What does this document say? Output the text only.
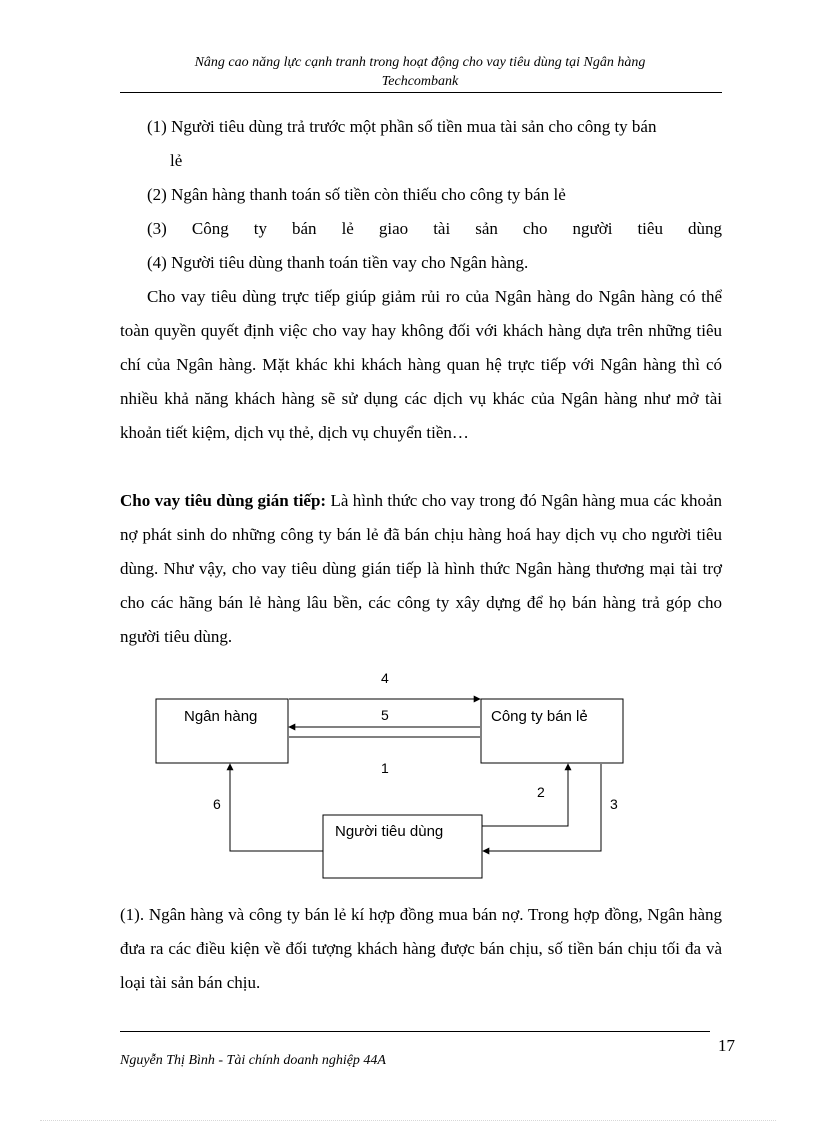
Nâng cao năng lực cạnh tranh trong hoạt động cho vay tiêu dùng tại Ngân hàng
Techcombank

(1) Người tiêu dùng trả trước một phần số tiền mua tài sản cho công ty bán

lẻ

(2) Ngân hàng thanh toán số tiền còn thiếu cho công ty bán lẻ

(3) Công ty bán lẻ giao tài sản cho người tiêu dùng

(4) Người tiêu dùng thanh toán tiền vay cho Ngân hàng.

Cho vay tiêu dùng trực tiếp giúp giảm rủi ro của Ngân hàng do Ngân hàng có thể toàn quyền quyết định việc cho vay hay không đối với khách hàng dựa trên những tiêu chí của Ngân hàng. Mặt khác khi khách hàng quan hệ trực tiếp với Ngân hàng thì có nhiều khả năng khách hàng sẽ sử dụng các dịch vụ khác của Ngân hàng như mở tài khoản tiết kiệm, dịch vụ thẻ, dịch vụ chuyển tiền…

Cho vay tiêu dùng gián tiếp: Là hình thức cho vay trong đó Ngân hàng mua các khoản nợ phát sinh do những công ty bán lẻ đã bán chịu hàng hoá hay dịch vụ cho người tiêu dùng. Như vậy, cho vay tiêu dùng gián tiếp là hình thức Ngân hàng thương mại tài trợ cho các hãng bán lẻ hàng lâu bền, các công ty xây dựng để họ bán hàng trả góp cho người tiêu dùng.

Ngân hàng	Công ty bán lẻ
Người tiêu dùng
4
5
1
2
3
6

(1). Ngân hàng và công ty bán lẻ kí hợp đồng mua bán nợ. Trong hợp đồng, Ngân hàng đưa ra các điều kiện về đối tượng khách hàng được bán chịu, số tiền bán chịu tối đa và loại tài sản bán chịu.

17
Nguyễn Thị Bình - Tài chính doanh nghiệp 44A
